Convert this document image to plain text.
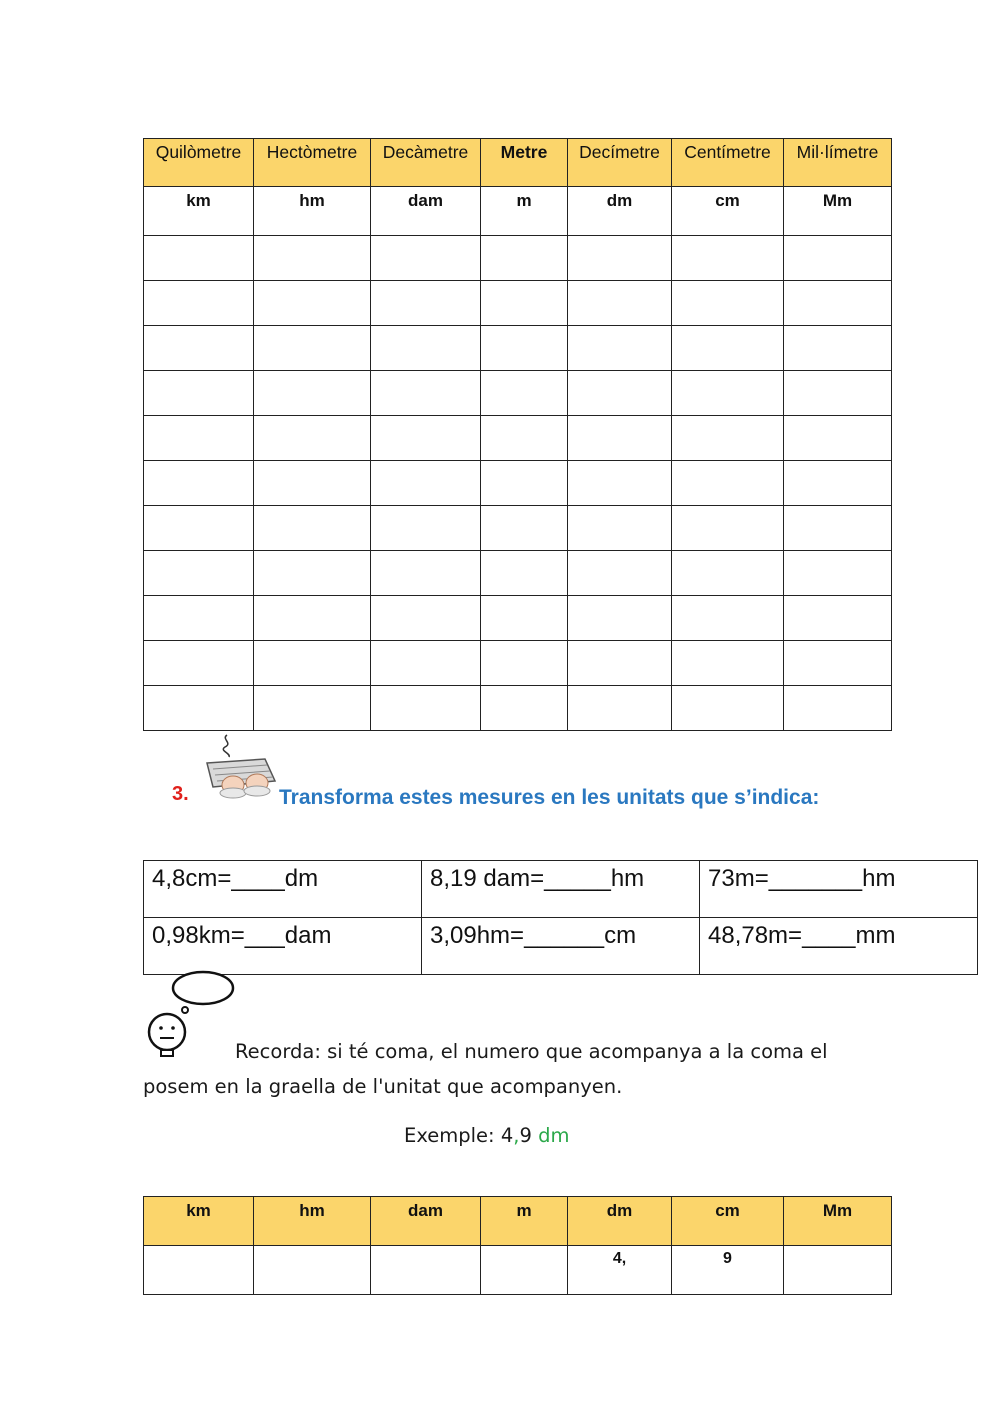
Quilòmetre	Hectòmetre	Decàmetre	Metre	Decímetre	Centímetre	Mil·límetre
km	hm	dam	m	dm	cm	Mm

3.	Transforma estes mesures en les unitats que s’indica:
4,8cm=____dm	8,19 dam=_____hm	73m=_______hm
0,98km=___dam	3,09hm=______cm	48,78m=____mm
Recorda: si té coma, el numero que acompanya a la coma el posem en la graella de l'unitat que acompanyen.
Exemple: 4,9 dm
km	hm	dam	m	dm	cm	Mm
				4,	9	
